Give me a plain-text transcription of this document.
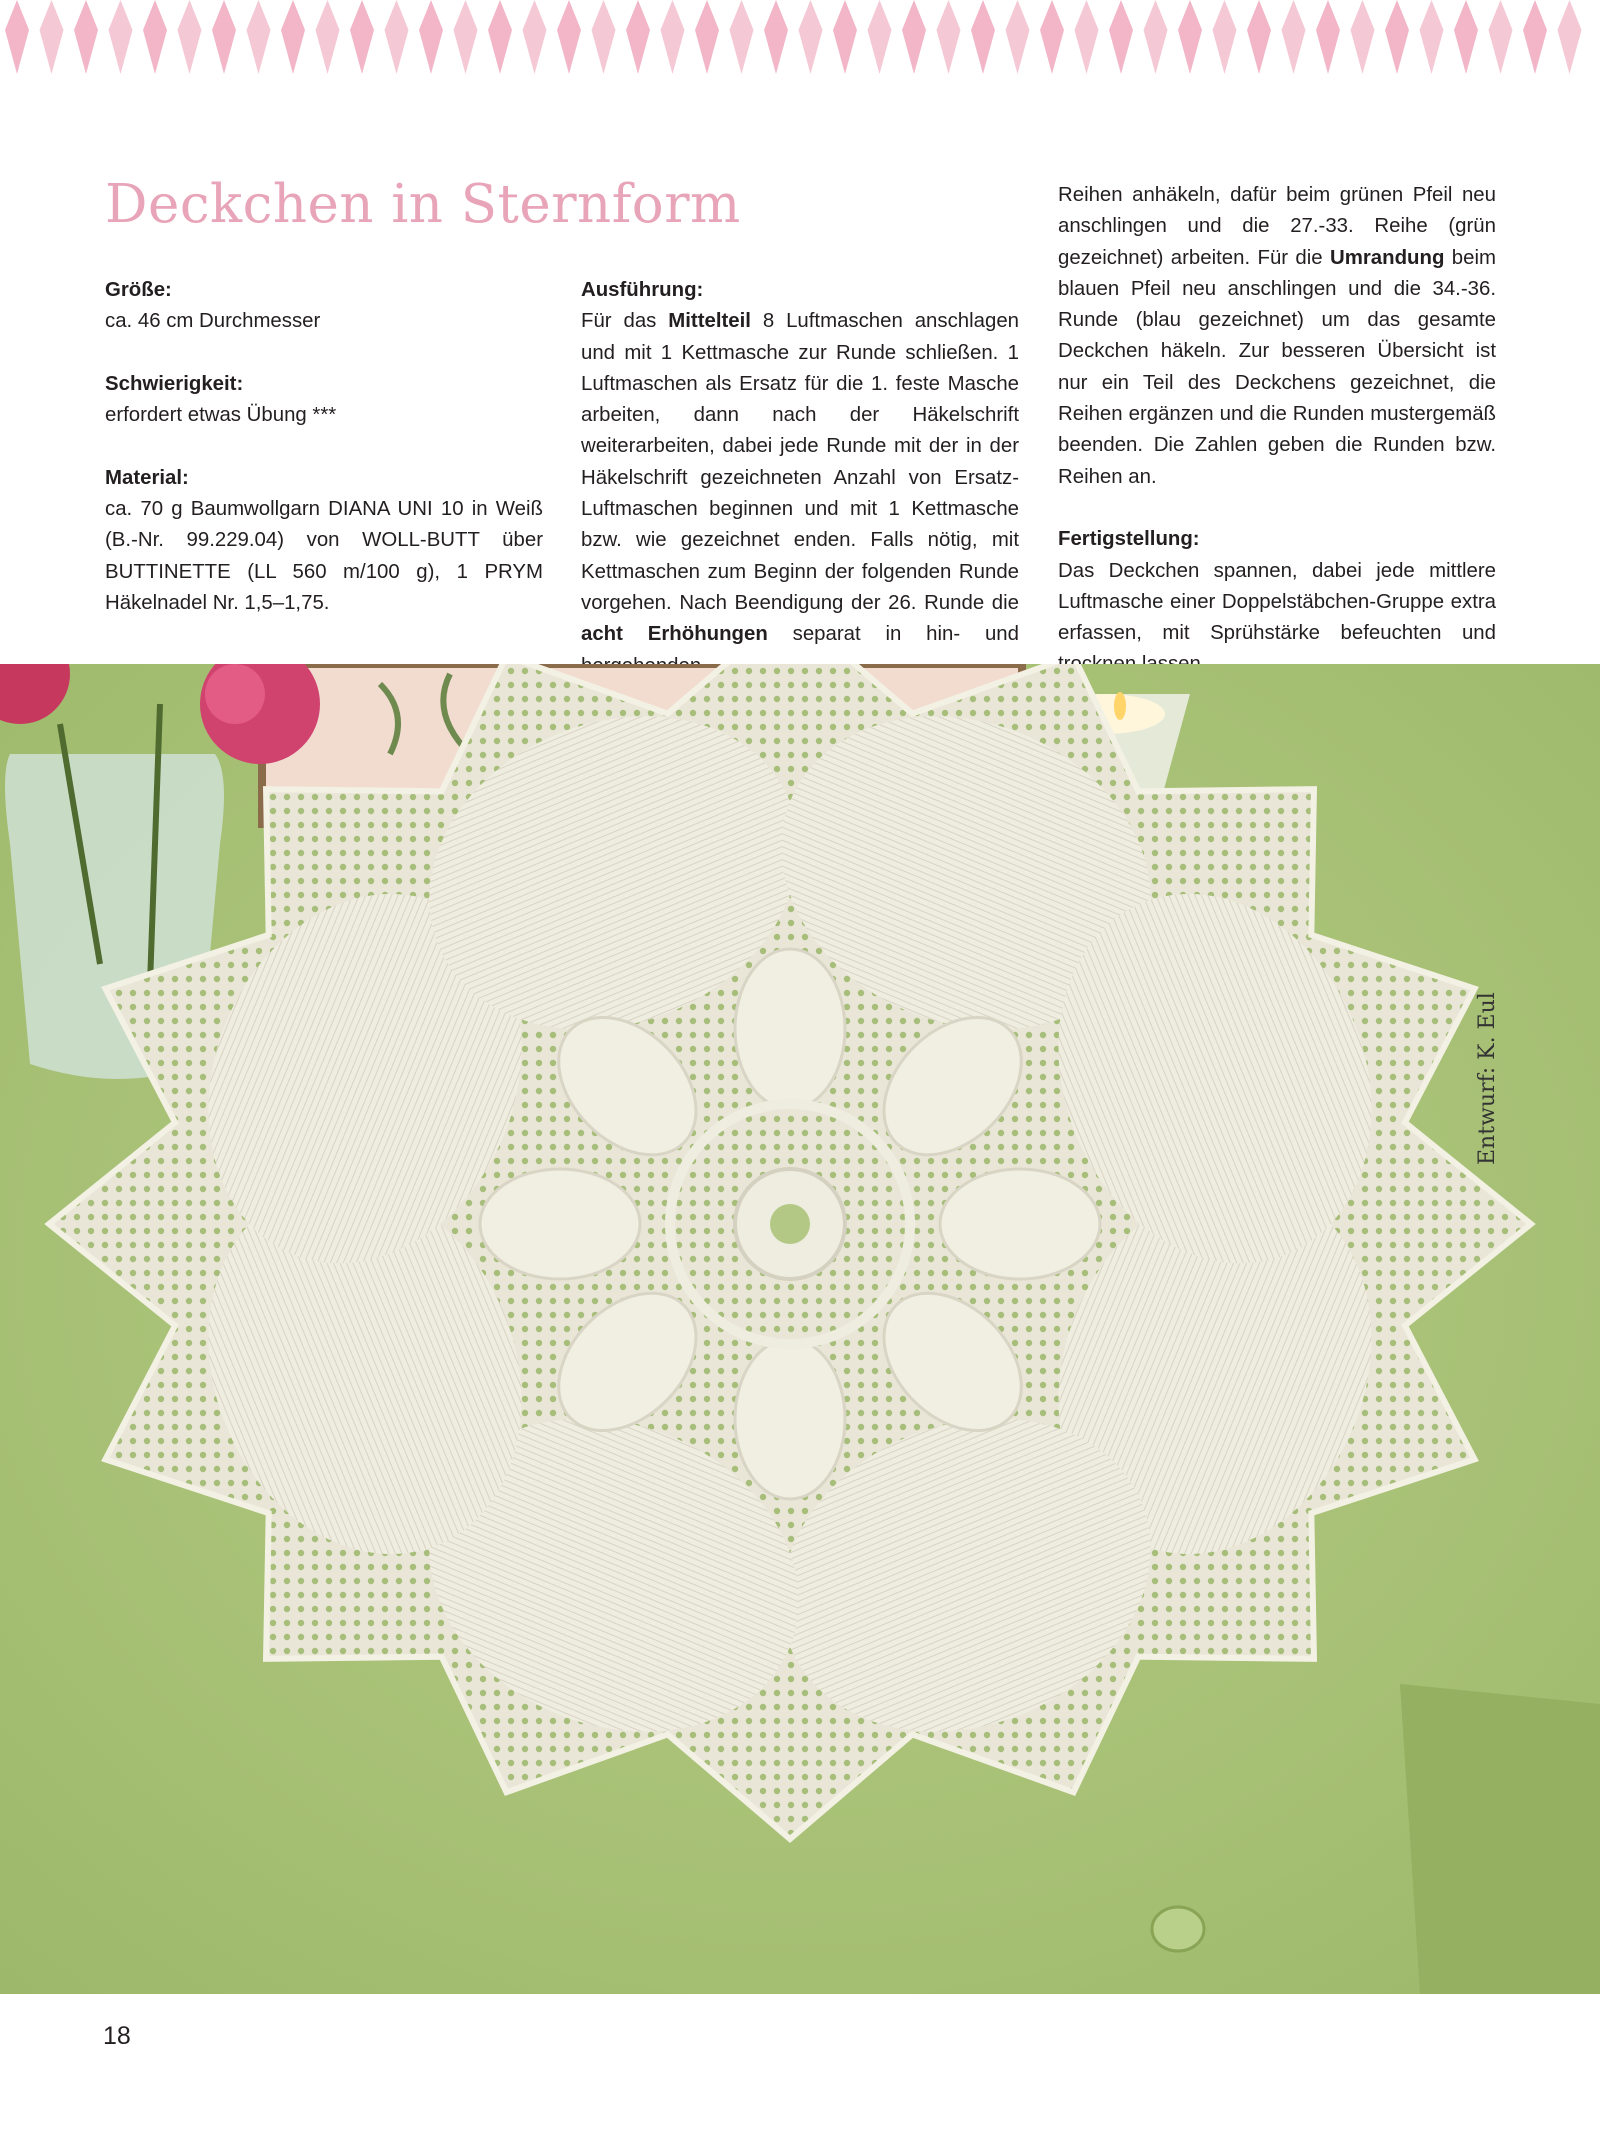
Deckchen in Sternform
Größe:

ca. 46 cm Durchmesser

Schwierigkeit:

erfordert etwas Übung ***

Material:

ca. 70 g Baumwollgarn DIANA UNI 10 in Weiß (B.-Nr. 99.229.04) von WOLL-BUTT über BUTTINETTE (LL 560 m/100 g), 1 PRYM Häkelnadel Nr. 1,5–1,75.

Ausführung:

Für das Mittelteil 8 Luftmaschen anschlagen und mit 1 Kettmasche zur Runde schließen. 1 Luftmaschen als Ersatz für die 1. feste Masche arbeiten, dann nach der Häkelschrift weiterarbeiten, dabei jede Runde mit der in der Häkelschrift gezeichneten Anzahl von Ersatz-Luftmaschen beginnen und mit 1 Kettmasche bzw. wie gezeichnet enden. Falls nötig, mit Kettmaschen zum Beginn der folgenden Runde vorgehen. Nach Beendigung der 26. Runde die acht Erhöhungen separat in hin- und

Reihen anhäkeln, dafür beim grünen Pfeil neu anschlingen und die 27.-33. Reihe (grün gezeichnet) arbeiten. Für die Umrandung beim blauen Pfeil neu anschlingen und die 34.-36. Runde (blau gezeichnet) um das gesamte Deckchen häkeln. Zur besseren Übersicht ist nur ein Teil des Deckchens gezeichnet, die Reihen ergänzen und die Runden mustergemäß beenden. Die Zahlen geben die Runden bzw. Reihen an.

Fertigstellung:

Das Deckchen spannen, dabei jede mittlere Luftmasche einer Doppelstäbchen-Gruppe extra erfassen, mit Sprühstärke befeuchten und

Entwurf: K. Eul
18
